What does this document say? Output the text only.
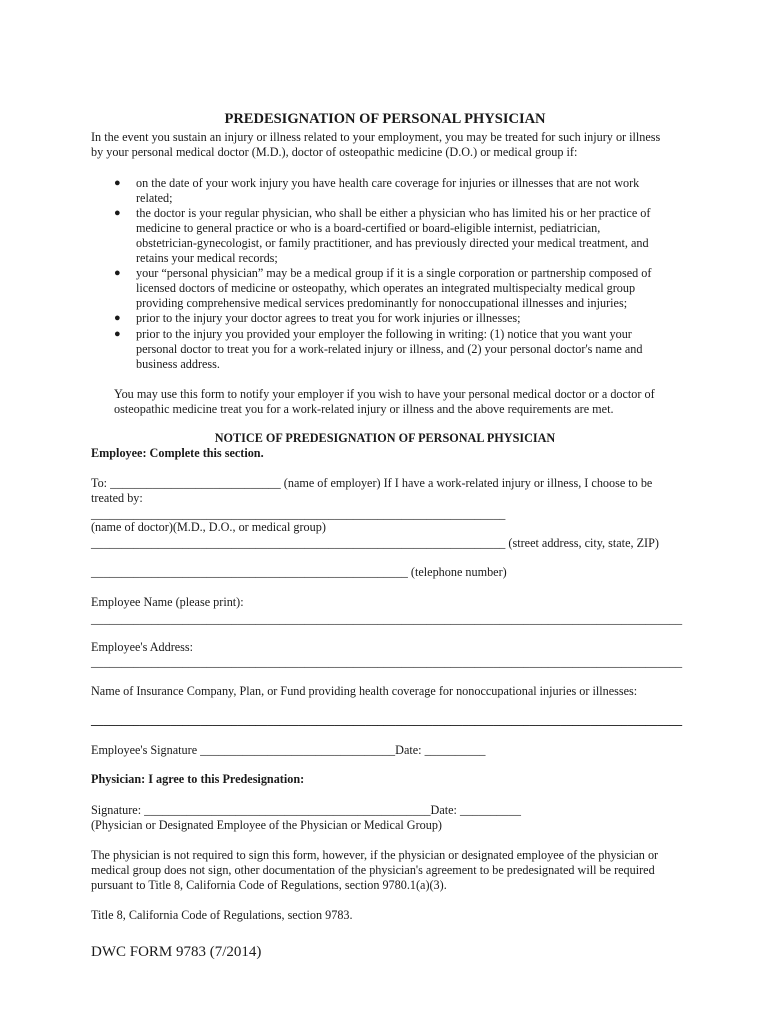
PREDESIGNATION OF PERSONAL PHYSICIAN
In the event you sustain an injury or illness related to your employment, you may be treated for such injury or illness
by your personal medical doctor (M.D.), doctor of osteopathic medicine (D.O.) or medical group if:
● on the date of your work injury you have health care coverage for injuries or illnesses that are not work
related;
● the doctor is your regular physician, who shall be either a physician who has limited his or her practice of
medicine to general practice or who is a board-certified or board-eligible internist, pediatrician,
obstetrician-gynecologist, or family practitioner, and has previously directed your medical treatment, and
retains your medical records;
● your “personal physician” may be a medical group if it is a single corporation or partnership composed of
licensed doctors of medicine or osteopathy, which operates an integrated multispecialty medical group
providing comprehensive medical services predominantly for nonoccupational illnesses and injuries;
● prior to the injury your doctor agrees to treat you for work injuries or illnesses;
● prior to the injury you provided your employer the following in writing: (1) notice that you want your
personal doctor to treat you for a work-related injury or illness, and (2) your personal doctor's name and
business address.
You may use this form to notify your employer if you wish to have your personal medical doctor or a doctor of
osteopathic medicine treat you for a work-related injury or illness and the above requirements are met.
NOTICE OF PREDESIGNATION OF PERSONAL PHYSICIAN
Employee: Complete this section.
To: ____________________________ (name of employer) If I have a work-related injury or illness, I choose to be
treated by:
____________________________________________________________________
(name of doctor)(M.D., D.O., or medical group)
____________________________________________________________________ (street address, city, state, ZIP)
____________________________________________________ (telephone number)
Employee Name (please print):
_________________________________________________________________________________________________
Employee's Address:
_________________________________________________________________________________________________
Name of Insurance Company, Plan, or Fund providing health coverage for nonoccupational injuries or illnesses:
_________________________________________________________________________________________________
Employee's Signature ________________________________Date: __________
Physician: I agree to this Predesignation:
Signature: _______________________________________________Date: __________
(Physician or Designated Employee of the Physician or Medical Group)
The physician is not required to sign this form, however, if the physician or designated employee of the physician or
medical group does not sign, other documentation of the physician's agreement to be predesignated will be required
pursuant to Title 8, California Code of Regulations, section 9780.1(a)(3).
Title 8, California Code of Regulations, section 9783.
DWC FORM 9783 (7/2014)
